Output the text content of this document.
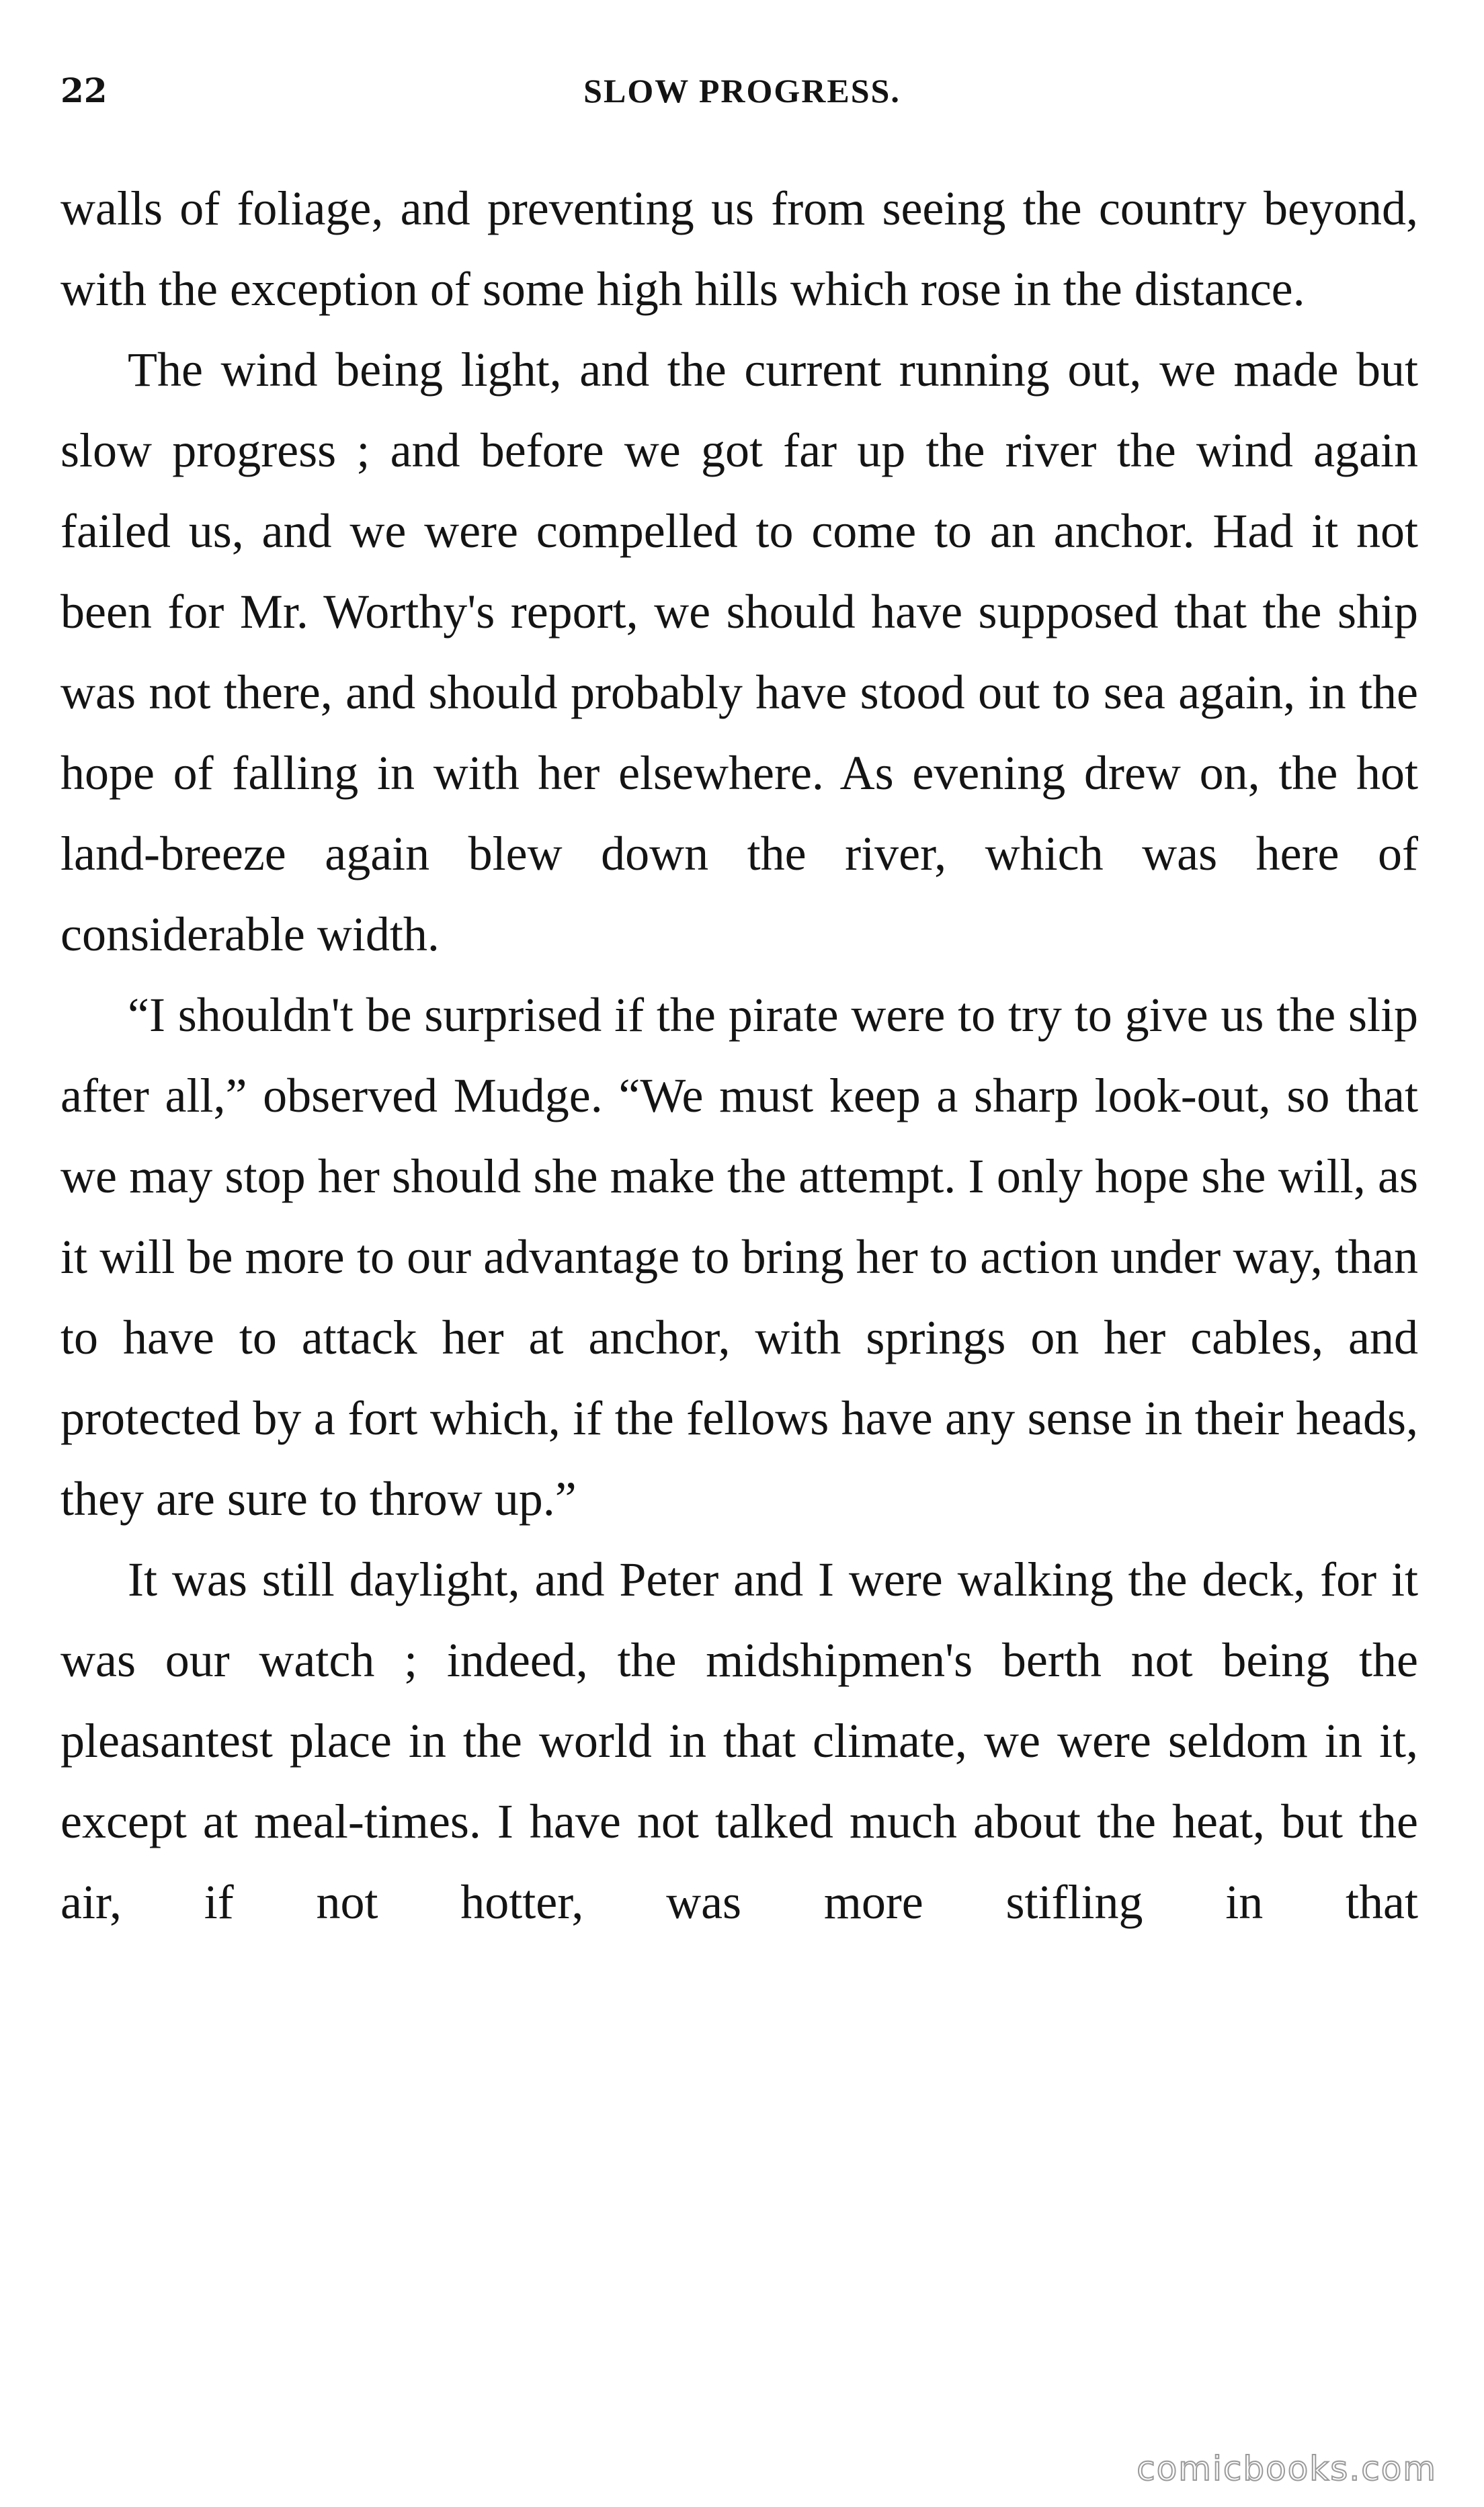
22	SLOW PROGRESS.

walls of foliage, and preventing us from seeing the country beyond, with the exception of some high hills which rose in the distance.

The wind being light, and the current running out, we made but slow progress ; and before we got far up the river the wind again failed us, and we were compelled to come to an anchor. Had it not been for Mr. Worthy's report, we should have supposed that the ship was not there, and should probably have stood out to sea again, in the hope of falling in with her elsewhere. As evening drew on, the hot land-breeze again blew down the river, which was here of considerable width.

“I shouldn't be surprised if the pirate were to try to give us the slip after all,” observed Mudge. “We must keep a sharp look-out, so that we may stop her should she make the attempt. I only hope she will, as it will be more to our advantage to bring her to action under way, than to have to attack her at anchor, with springs on her cables, and protected by a fort which, if the fellows have any sense in their heads, they are sure to throw up.”

It was still daylight, and Peter and I were walking the deck, for it was our watch ; indeed, the midshipmen's berth not being the pleasantest place in the world in that climate, we were seldom in it, except at meal-times. I have not talked much about the heat, but the air, if not hotter, was more stifling in that

comicbooks.com
